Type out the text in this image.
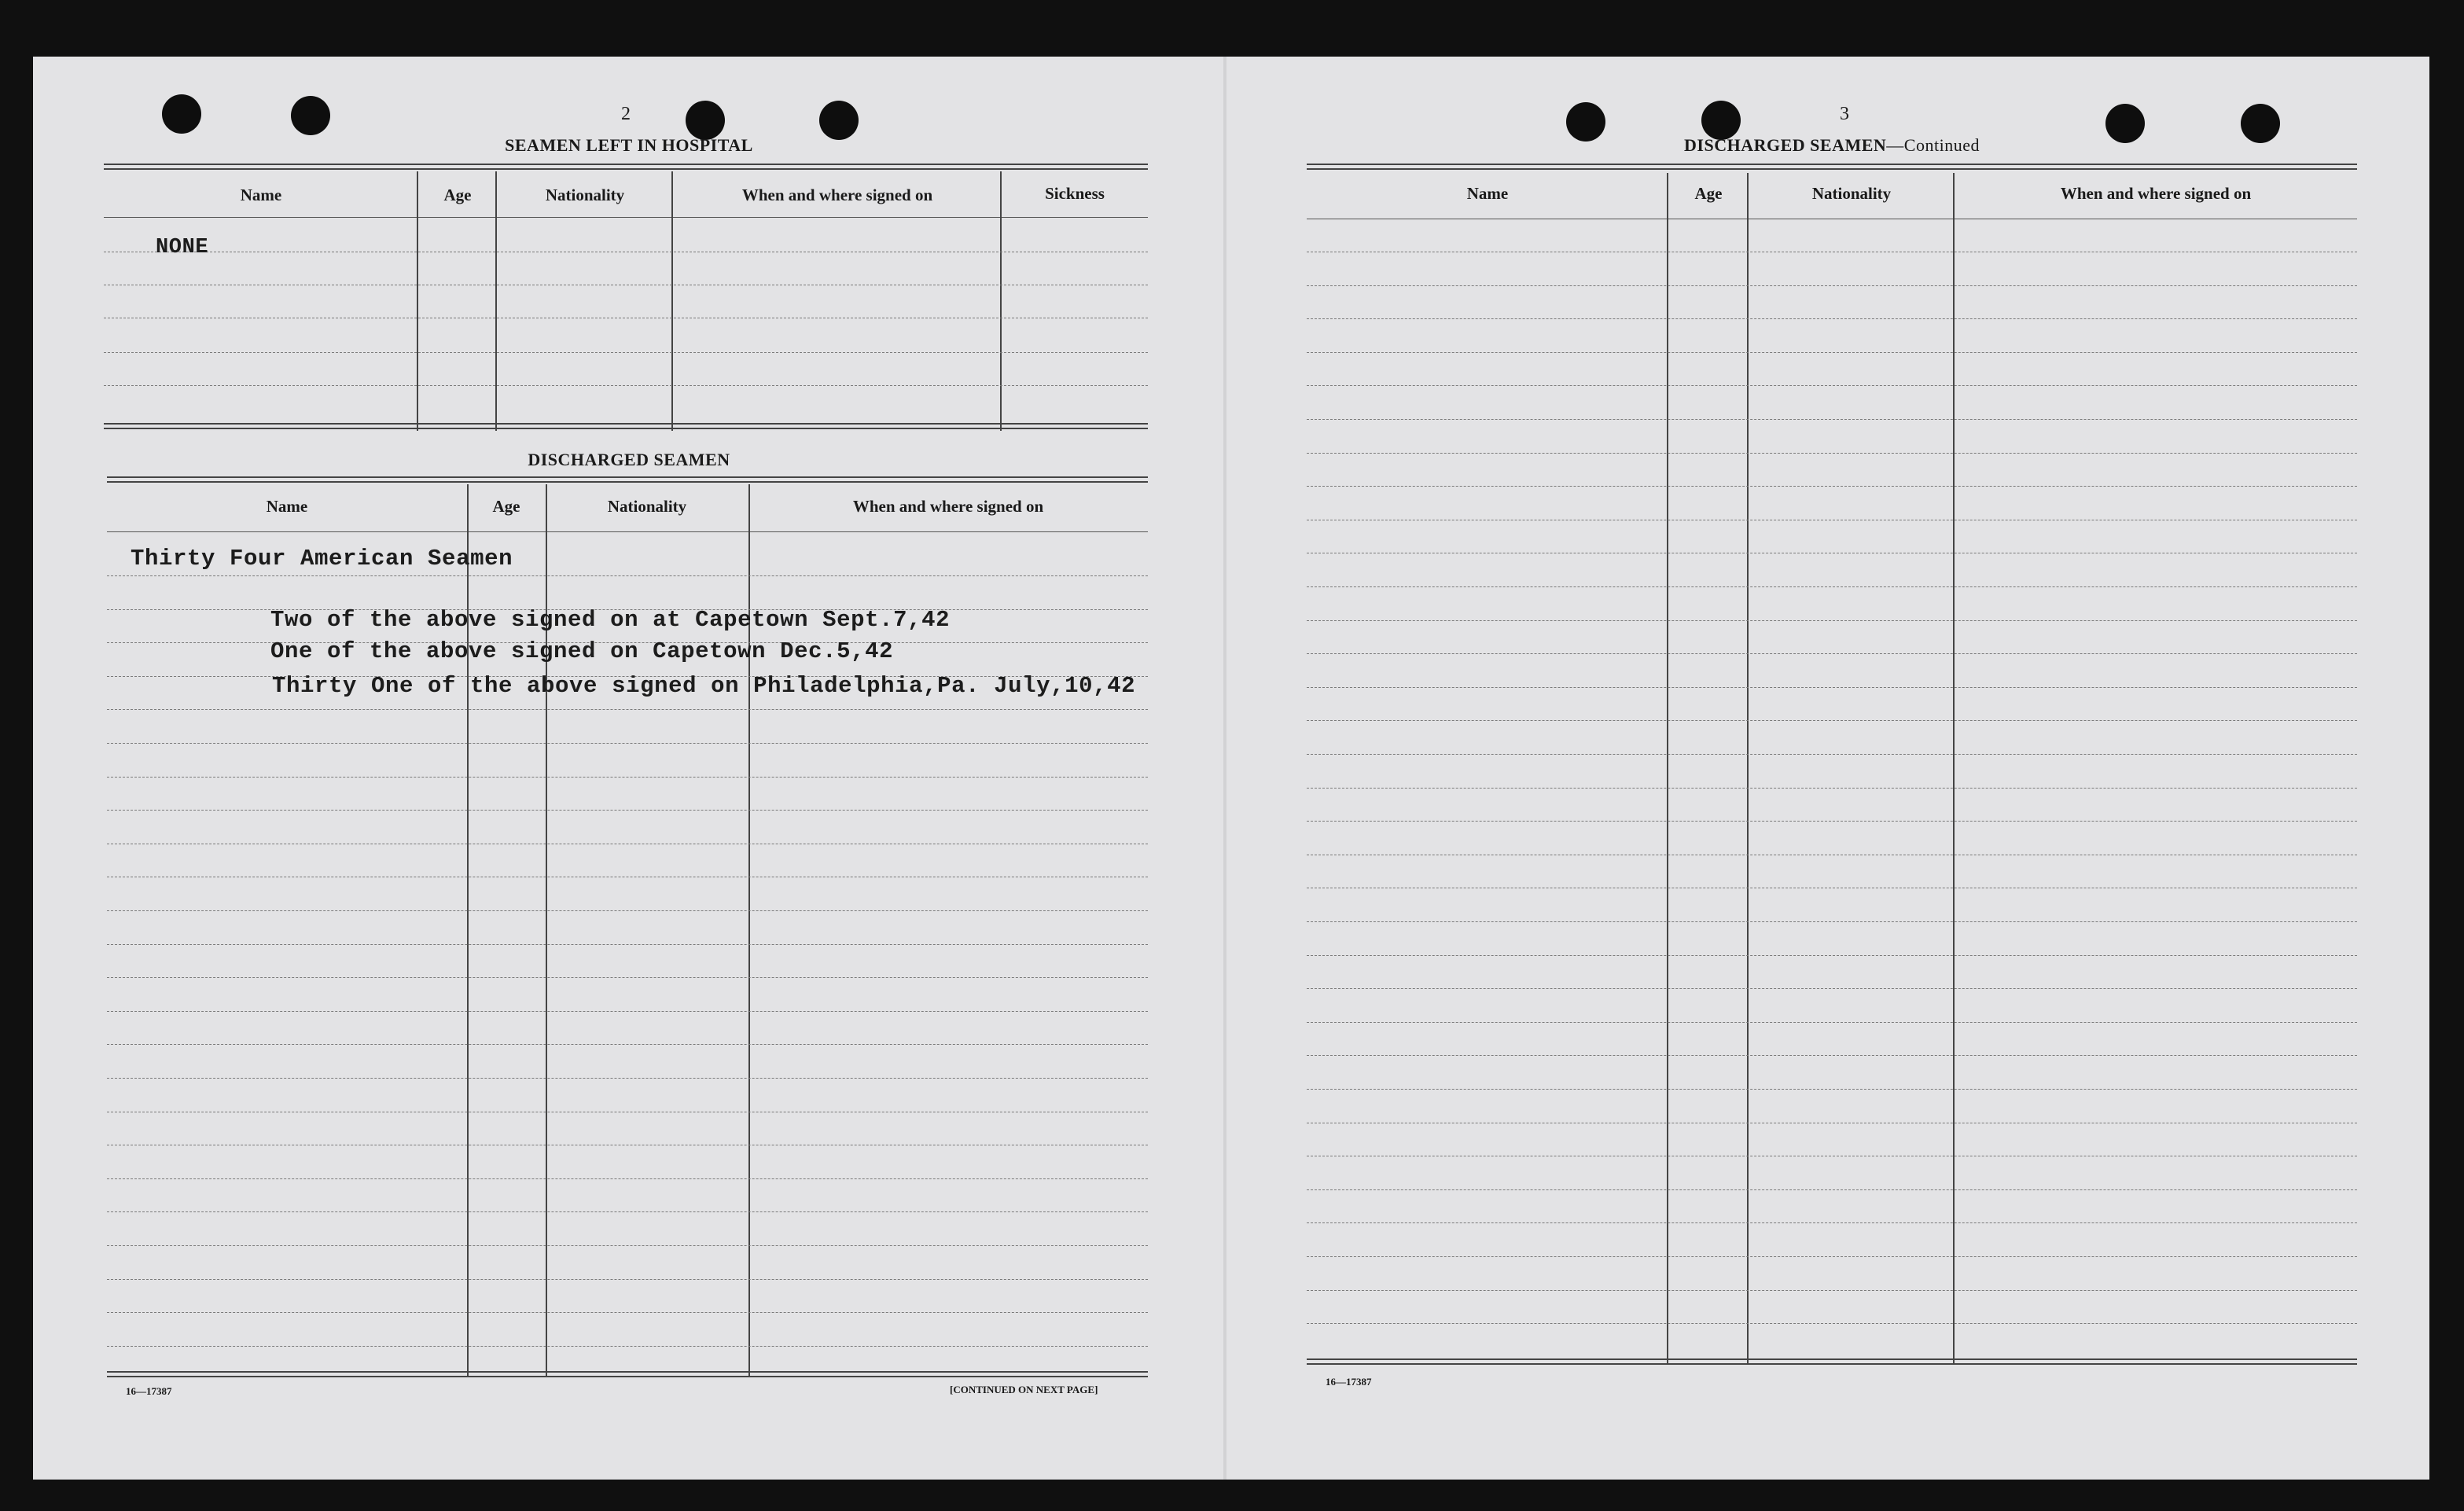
2
SEAMEN LEFT IN HOSPITAL
Name	Age	Nationality	When and where signed on	Sickness
NONE
DISCHARGED SEAMEN
Name	Age	Nationality	When and where signed on
Thirty Four American Seamen
Two of the above signed on at Capetown Sept.7,42
One of the above signed on Capetown Dec.5,42
Thirty One of the above signed on Philadelphia,Pa. July,10,42
16—17387	[CONTINUED ON NEXT PAGE]
3
DISCHARGED SEAMEN—Continued
Name	Age	Nationality	When and where signed on
16—17387
